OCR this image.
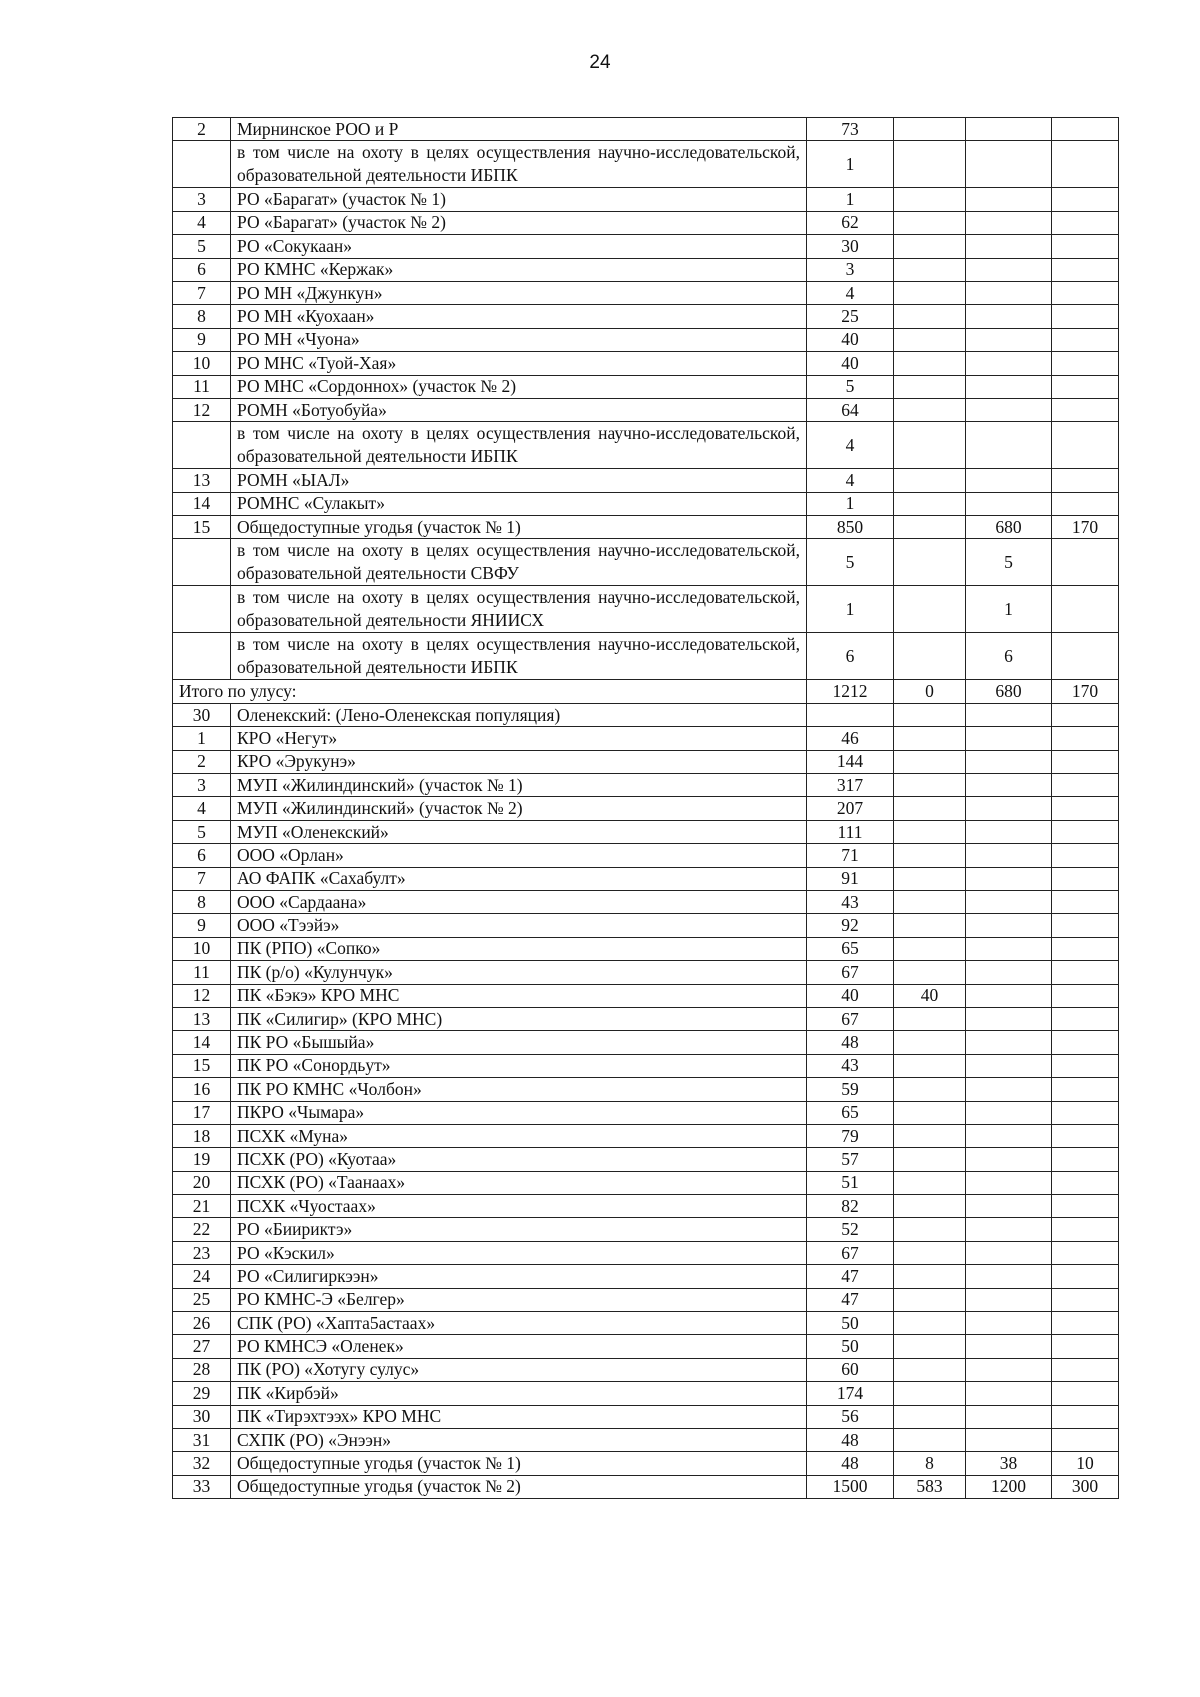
24
2	Мирнинское РОО и Р	73			
	в том числе на охоту в целях осуществления научно-исследовательской, образовательной деятельности ИБПК	1			
3	РО «Барагат» (участок № 1)	1			
4	РО «Барагат» (участок № 2)	62			
5	РО «Сокукаан»	30			
6	РО КМНС «Кержак»	3			
7	РО МН «Джункун»	4			
8	РО МН «Куохаан»	25			
9	РО МН «Чуона»	40			
10	РО МНС «Туой-Хая»	40			
11	РО МНС «Сордоннох» (участок № 2)	5			
12	РОМН «Ботуобуйа»	64			
	в том числе на охоту в целях осуществления научно-исследовательской, образовательной деятельности ИБПК	4			
13	РОМН «ЫАЛ»	4			
14	РОМНС «Сулакыт»	1			
15	Общедоступные угодья (участок № 1)	850		680	170
	в том числе на охоту в целях осуществления научно-исследовательской, образовательной деятельности СВФУ	5		5	
	в том числе на охоту в целях осуществления научно-исследовательской, образовательной деятельности ЯНИИСХ	1		1	
	в том числе на охоту в целях осуществления научно-исследовательской, образовательной деятельности ИБПК	6		6	
Итого по улусу:		1212	0	680	170
30	Оленекский: (Лено-Оленекская популяция)				
1	КРО «Негут»	46			
2	КРО «Эрукунэ»	144			
3	МУП «Жилиндинский» (участок № 1)	317			
4	МУП «Жилиндинский» (участок № 2)	207			
5	МУП «Оленекский»	111			
6	ООО «Орлан»	71			
7	АО ФАПК «Сахабулт»	91			
8	ООО «Сардаана»	43			
9	ООО «Тээйэ»	92			
10	ПК (РПО) «Сопко»	65			
11	ПК (р/о) «Кулунчук»	67			
12	ПК «Бэкэ» КРО МНС	40	40		
13	ПК «Силигир» (КРО МНС)	67			
14	ПК РО «Бышыйа»	48			
15	ПК РО «Сонордьут»	43			
16	ПК РО КМНС «Чолбон»	59			
17	ПКРО «Чымара»	65			
18	ПСХК «Муна»	79			
19	ПСХК (РО) «Куотаа»	57			
20	ПСХК (РО) «Таанаах»	51			
21	ПСХК «Чуостаах»	82			
22	РО «Биириктэ»	52			
23	РО «Кэскил»	67			
24	РО «Силигиркээн»	47			
25	РО КМНС-Э «Белгер»	47			
26	СПК (РО) «Хапта5астаах»	50			
27	РО КМНСЭ «Оленек»	50			
28	ПК (РО) «Хотугу сулус»	60			
29	ПК «Кирбэй»	174			
30	ПК «Тирэхтээх» КРО МНС	56			
31	СХПК (РО) «Энээн»	48			
32	Общедоступные угодья (участок № 1)	48	8	38	10
33	Общедоступные угодья (участок № 2)	1500	583	1200	300
